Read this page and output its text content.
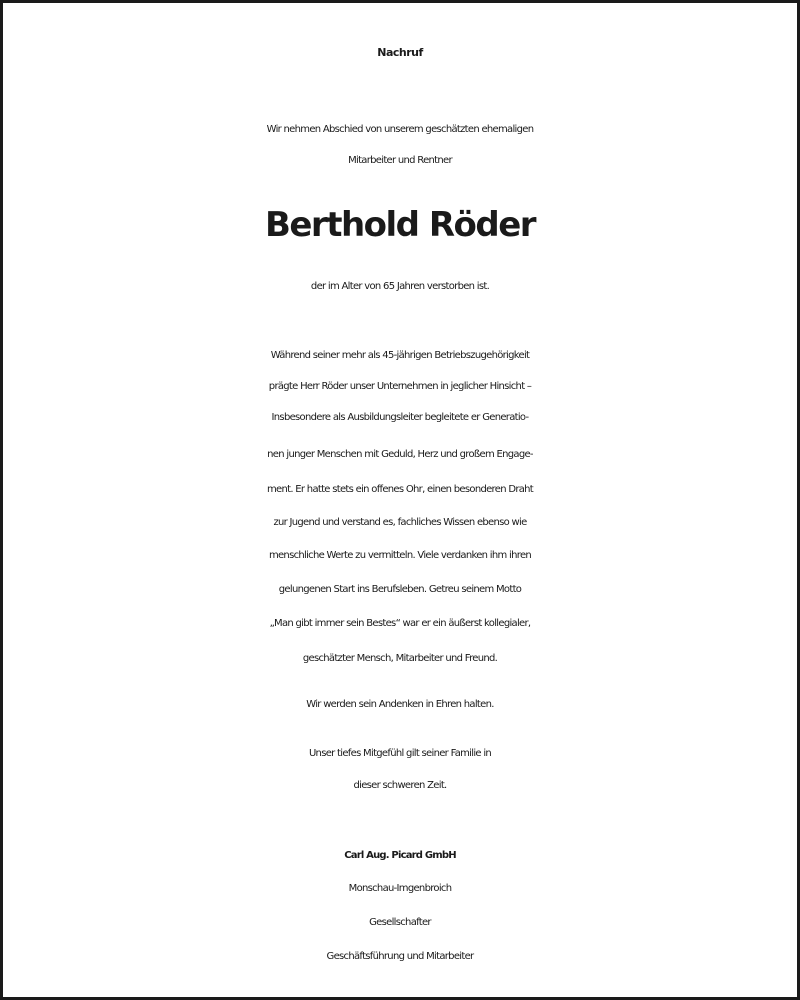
Nachruf
Wir nehmen Abschied von unserem geschätzten ehemaligen
Mitarbeiter und Rentner
Berthold Röder
der im Alter von 65 Jahren verstorben ist.
Während seiner mehr als 45-jährigen Betriebszugehörigkeit
prägte Herr Röder unser Unternehmen in jeglicher Hinsicht –
Insbesondere als Ausbildungsleiter begleitete er Generatio-
nen junger Menschen mit Geduld, Herz und großem Engage-
ment. Er hatte stets ein offenes Ohr, einen besonderen Draht
zur Jugend und verstand es, fachliches Wissen ebenso wie
menschliche Werte zu vermitteln. Viele verdanken ihm ihren
gelungenen Start ins Berufsleben. Getreu seinem Motto
„Man gibt immer sein Bestes“ war er ein äußerst kollegialer,
geschätzter Mensch, Mitarbeiter und Freund.
Wir werden sein Andenken in Ehren halten.
Unser tiefes Mitgefühl gilt seiner Familie in
dieser schweren Zeit.
Carl Aug. Picard GmbH
Monschau-Imgenbroich
Gesellschafter
Geschäftsführung und Mitarbeiter
